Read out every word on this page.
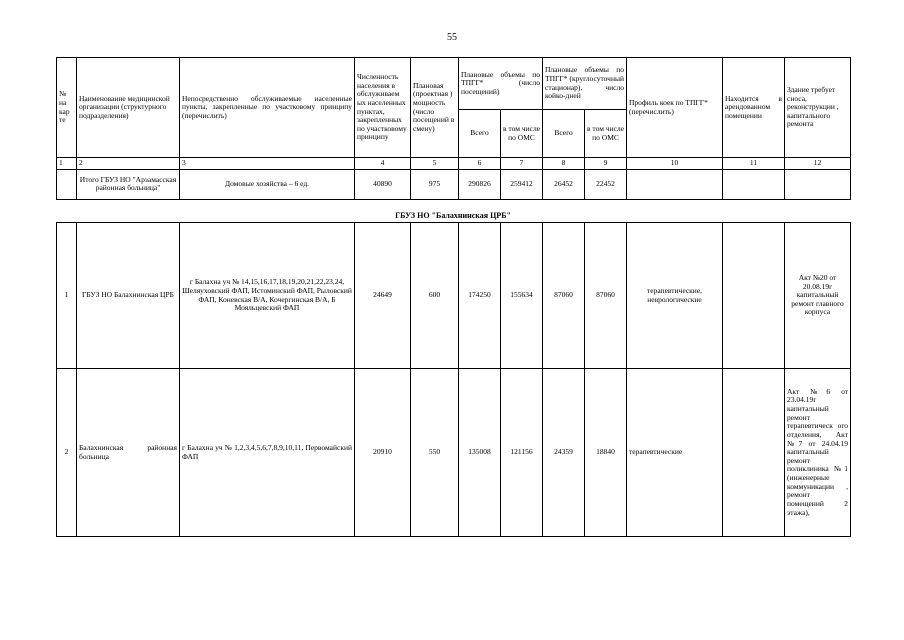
55
№ на кар те	Наименование медицинской организации (структурного подразделения)	Непосредственно обслуживаемые населенные пункты, закрепленные по участковому принципу (перечислить)	Численность населения в обслуживаем ых населенных пунктах, закрепленных по участковому принципу	Плановая (проектная ) мощность (число посещений в смену)	Плановые объемы по ТПГГ* (число посещений)		Плановые объемы по ТПГГ* (круглосуточный стационар), число койко-дней		Профиль коек по ТПГГ* (перечислить)	Находится в арендованном помещении	Здание требует сноса, реконструкции , капитального ремонта
					Всего	в том числе по ОМС	Всего	в том числе по ОМС			
1	2	3	4	5	6	7	8	9	10	11	12
	Итого ГБУЗ НО "Арзамасская районная больница"	Домовые хозяйства – 6 ед.	40890	975	290826	259412	26452	22452			
ГБУЗ НО "Балахнинская ЦРБ"
1	ГБУЗ НО Балахнинская ЦРБ	г Балахна уч № 14,15,16,17,18,19,20,21,22,23,24, Шеляуховский ФАП, Истоминский ФАП, Рыловский ФАП, Коневская В/А, Кочергинская В/А, Б Мояльцевский ФАП	24649	600	174250	155634	87060	87060	терапевтические, неврологические		Акт №20 от 20.08.19г капитальный ремонт главного корпуса
2	Балахнинская районная больница	г Балахна уч № 1,2,3,4,5,6,7,8,9,10,11, Первомайский ФАП	20910	550	135008	121156	24359	18840	терапевтические		Акт №6 от 23.04.19г капитальный ремонт терапевтическ ого отделения, Акт №7 от 24.04.19 капитальный ремонт поликлиника №1 (инженерные коммуникации , ремонт помещений 2 этажа),
